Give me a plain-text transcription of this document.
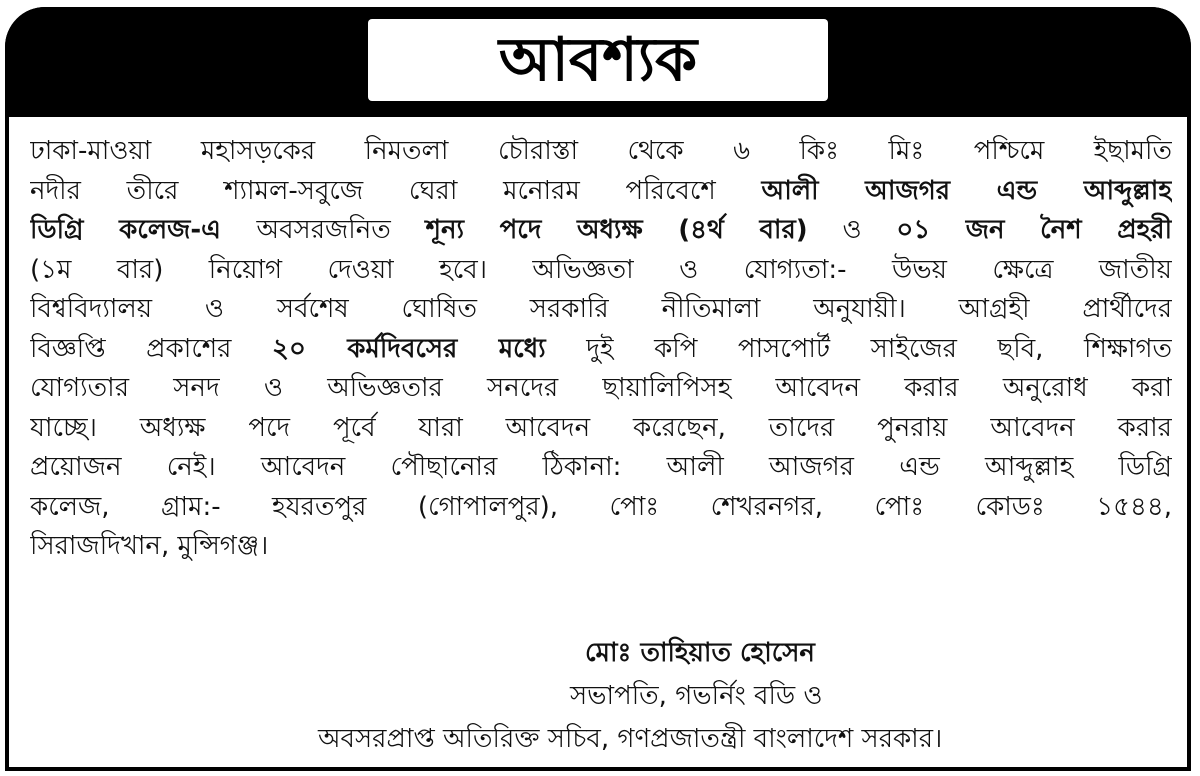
আবশ্যক
ঢাকা-মাওয়া মহাসড়কের নিমতলা চৌরাস্তা থেকে ৬ কিঃ মিঃ পশ্চিমে ইছামতি
নদীর তীরে শ্যামল-সবুজে ঘেরা মনোরম পরিবেশে আলী আজগর এন্ড আব্দুল্লাহ
ডিগ্রি কলেজ-এ অবসরজনিত শূন্য পদে অধ্যক্ষ (৪র্থ বার) ও ০১ জন নৈশ প্রহরী
(১ম বার) নিয়োগ দেওয়া হবে। অভিজ্ঞতা ও যোগ্যতা:- উভয় ক্ষেত্রে জাতীয়
বিশ্ববিদ্যালয় ও সর্বশেষ ঘোষিত সরকারি নীতিমালা অনুযায়ী। আগ্রহী প্রার্থীদের
বিজ্ঞপ্তি প্রকাশের ২০ কর্মদিবসের মধ্যে দুই কপি পাসপোর্ট সাইজের ছবি, শিক্ষাগত
যোগ্যতার সনদ ও অভিজ্ঞতার সনদের ছায়ালিপিসহ আবেদন করার অনুরোধ করা
যাচ্ছে। অধ্যক্ষ পদে পূর্বে যারা আবেদন করেছেন, তাদের পুনরায় আবেদন করার
প্রয়োজন নেই। আবেদন পৌছানোর ঠিকানা: আলী আজগর এন্ড আব্দুল্লাহ ডিগ্রি
কলেজ, গ্রাম:- হযরতপুর (গোপালপুর), পোঃ শেখরনগর, পোঃ কোডঃ ১৫৪৪,
সিরাজদিখান, মুন্সিগঞ্জ।
মোঃ তাহিয়াত হোসেন
সভাপতি, গভর্নিং বডি ও
অবসরপ্রাপ্ত অতিরিক্ত সচিব, গণপ্রজাতন্ত্রী বাংলাদেশ সরকার।
